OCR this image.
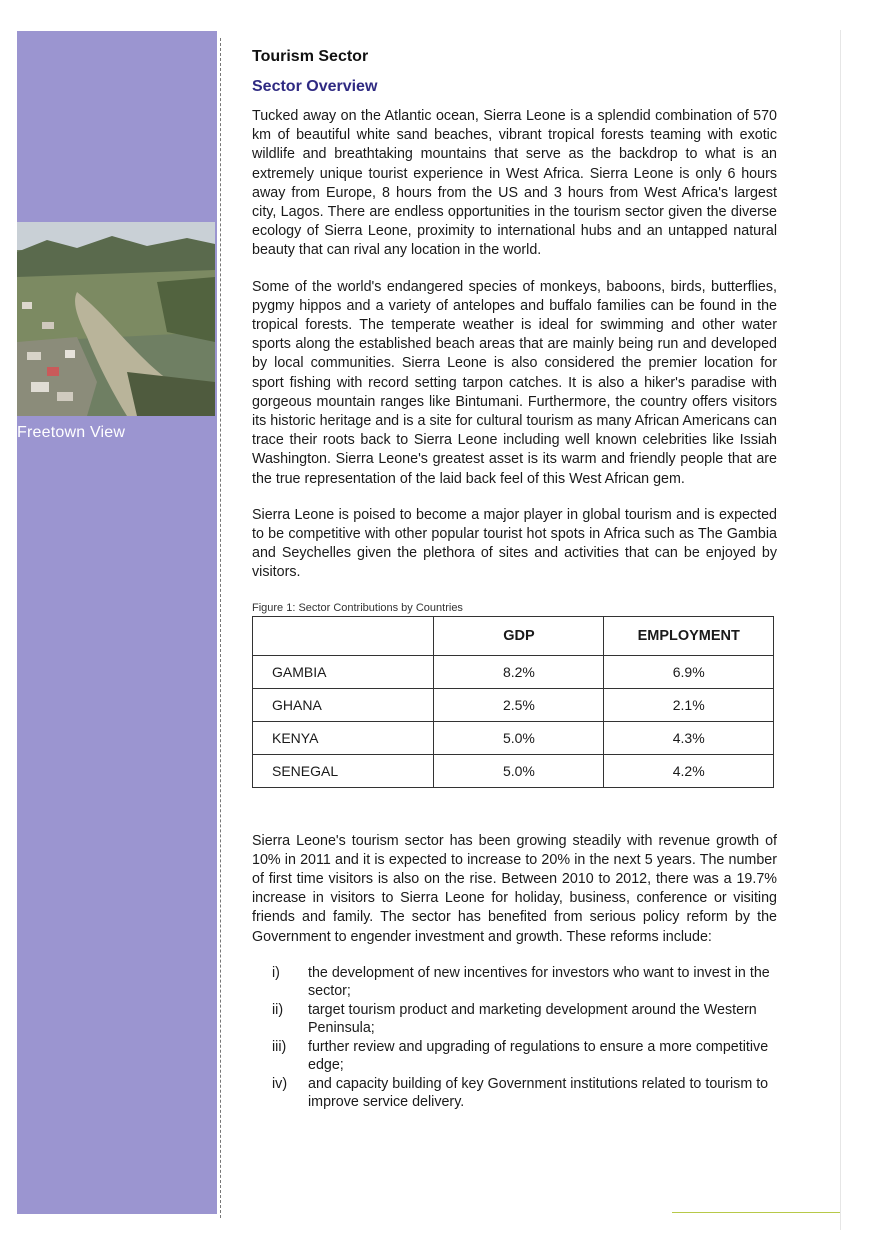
Freetown View
Tourism Sector
Sector Overview

Tucked away on the Atlantic ocean, Sierra Leone is a splendid combination of 570 km of beautiful white sand beaches, vibrant tropical forests teaming with exotic wildlife and breathtaking mountains that serve as the backdrop to what is an extremely unique tourist experience in West Africa. Sierra Leone is only 6 hours away from Europe, 8 hours from the US and 3 hours from West Africa's largest city, Lagos. There are endless opportunities in the tourism sector given the diverse ecology of Sierra Leone, proximity to international hubs and an untapped natural beauty that can rival any location in the world.

Some of the world's endangered species of monkeys, baboons, birds, butterflies, pygmy hippos and a variety of antelopes and buffalo families can be found in the tropical forests. The temperate weather is ideal for swimming and other water sports along the established beach areas that are mainly being run and developed by local communities. Sierra Leone is also considered the premier location for sport fishing with record setting tarpon catches. It is also a hiker's paradise with gorgeous mountain ranges like Bintumani. Furthermore, the country offers visitors its historic heritage and is a site for cultural tourism as many African Americans can trace their roots back to Sierra Leone including well known celebrities like Issiah Washington. Sierra Leone's greatest asset is its warm and friendly people that are the true representation of the laid back feel of this West African gem.

Sierra Leone is poised to become a major player in global tourism and is expected to be competitive with other popular tourist hot spots in Africa such as The Gambia and Seychelles given the plethora of sites and activities that can be enjoyed by visitors.

Figure 1: Sector Contributions by Countries
	GDP	EMPLOYMENT
GAMBIA	8.2%	6.9%
GHANA	2.5%	2.1%
KENYA	5.0%	4.3%
SENEGAL	5.0%	4.2%

Sierra Leone's tourism sector has been growing steadily with revenue growth of 10% in 2011 and it is expected to increase to 20% in the next 5 years. The number of first time visitors is also on the rise. Between 2010 to 2012, there was a 19.7% increase in visitors to Sierra Leone for holiday, business, conference or visiting friends and family. The sector has benefited from serious policy reform by the Government to engender investment and growth. These reforms include:

i) the development of new incentives for investors who want to invest in the sector;
ii) target tourism product and marketing development around the Western Peninsula;
iii) further review and upgrading of regulations to ensure a more competitive edge;
iv) and capacity building of key Government institutions related to tourism to improve service delivery.
